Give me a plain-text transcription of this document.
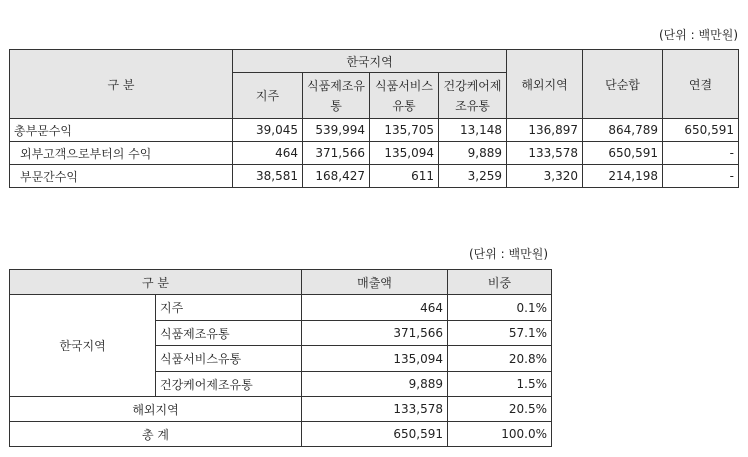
(단위 : 백만원)
구 분	한국지역				해외지역	단순합	연결
	지주	식품제조유통	식품서비스유통	건강케어제조유통			
총부문수익	39,045	539,994	135,705	13,148	136,897	864,789	650,591
외부고객으로부터의 수익	464	371,566	135,094	9,889	133,578	650,591	-
부문간수익	38,581	168,427	611	3,259	3,320	214,198	-
(단위 : 백만원)
구 분		매출액	비중
한국지역	지주	464	0.1%
	식품제조유통	371,566	57.1%
	식품서비스유통	135,094	20.8%
	건강케어제조유통	9,889	1.5%
해외지역		133,578	20.5%
총 계		650,591	100.0%
